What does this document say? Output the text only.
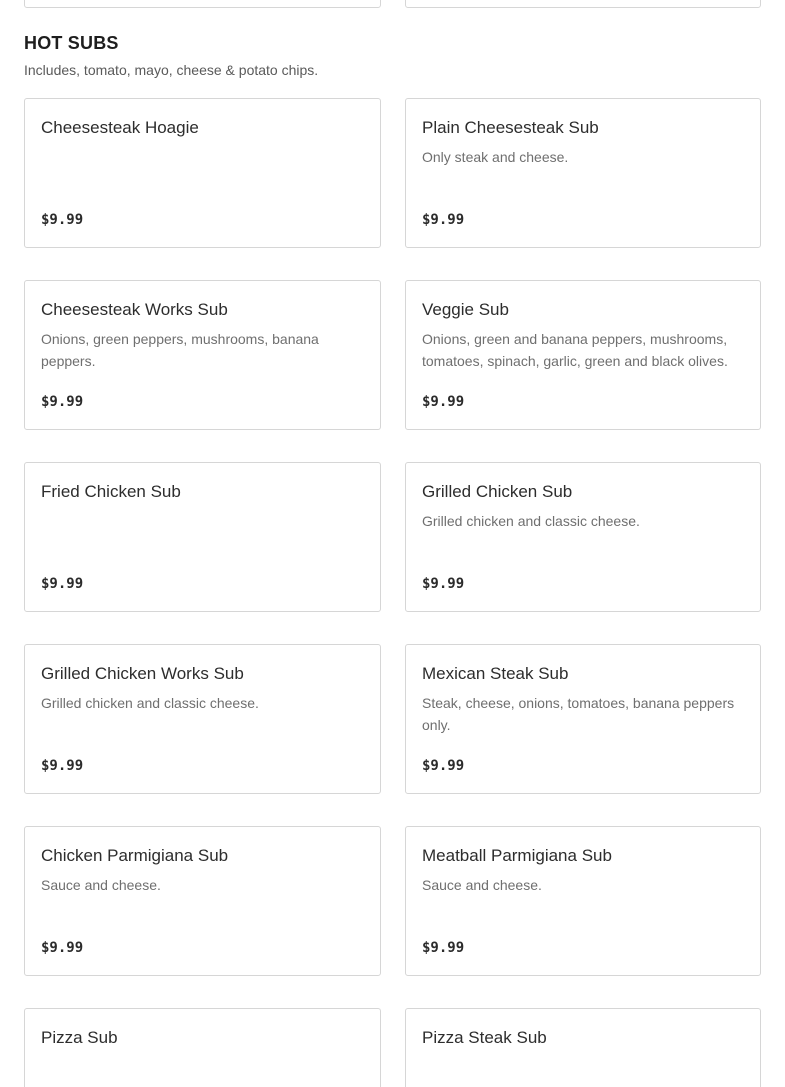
HOT SUBS
Includes, tomato, mayo, cheese & potato chips.
Cheesesteak Hoagie
$9.99
Plain Cheesesteak Sub
Only steak and cheese.
$9.99
Cheesesteak Works Sub
Onions, green peppers, mushrooms, banana peppers.
$9.99
Veggie Sub
Onions, green and banana peppers, mushrooms, tomatoes, spinach, garlic, green and black olives.
$9.99
Fried Chicken Sub
$9.99
Grilled Chicken Sub
Grilled chicken and classic cheese.
$9.99
Grilled Chicken Works Sub
Grilled chicken and classic cheese.
$9.99
Mexican Steak Sub
Steak, cheese, onions, tomatoes, banana peppers only.
$9.99
Chicken Parmigiana Sub
Sauce and cheese.
$9.99
Meatball Parmigiana Sub
Sauce and cheese.
$9.99
Pizza Sub	Pizza Steak Sub
